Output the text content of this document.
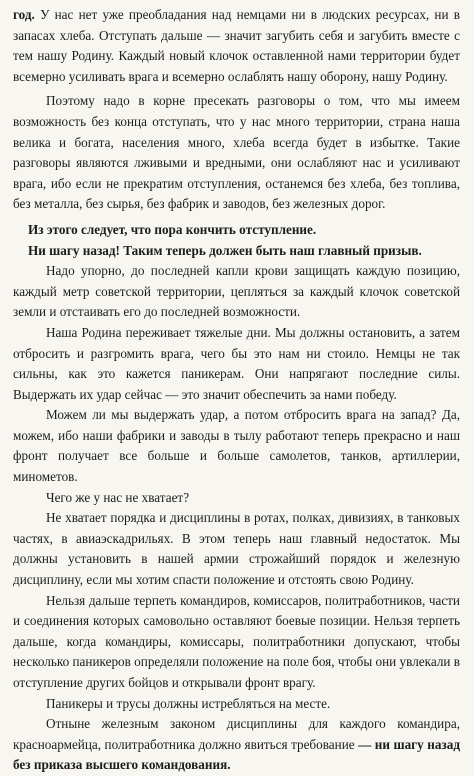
год. У нас нет уже преобладания над немцами ни в людских ресурсах, ни в запасах хлеба. Отступать дальше — значит загубить себя и загубить вместе с тем нашу Родину. Каждый новый клочок оставленной нами территории будет всемерно усиливать врага и всемерно ослаблять нашу оборону, нашу Родину.

Поэтому надо в корне пресекать разговоры о том, что мы имеем возможность без конца отступать, что у нас много территории, страна наша велика и богата, населения много, хлеба всегда будет в избытке. Такие разговоры являются лживыми и вредными, они ослабляют нас и усиливают врага, ибо если не прекратим отступления, останемся без хлеба, без топлива, без металла, без сырья, без фабрик и заводов, без железных дорог.

Из этого следует, что пора кончить отступление.

Ни шагу назад! Таким теперь должен быть наш главный призыв.

Надо упорно, до последней капли крови защищать каждую позицию, каждый метр советской территории, цепляться за каждый клочок советской земли и отстаивать его до последней возможности.

Наша Родина переживает тяжелые дни. Мы должны остановить, а затем отбросить и разгромить врага, чего бы это нам ни стоило. Немцы не так сильны, как это кажется паникерам. Они напрягают последние силы. Выдержать их удар сейчас — это значит обеспечить за нами победу.

Можем ли мы выдержать удар, а потом отбросить врага на запад? Да, можем, ибо наши фабрики и заводы в тылу работают теперь прекрасно и наш фронт получает все больше и больше самолетов, танков, артиллерии, минометов.

Чего же у нас не хватает?

Не хватает порядка и дисциплины в ротах, полках, дивизиях, в танковых частях, в авиаэскадрильях. В этом теперь наш главный недостаток. Мы должны установить в нашей армии строжайший порядок и железную дисциплину, если мы хотим спасти положение и отстоять свою Родину.

Нельзя дальше терпеть командиров, комиссаров, политработников, части и соединения которых самовольно оставляют боевые позиции. Нельзя терпеть дальше, когда командиры, комиссары, политработники допускают, чтобы несколько паникеров определяли положение на поле боя, чтобы они увлекали в отступление других бойцов и открывали фронт врагу.

Паникеры и трусы должны истребляться на месте.

Отныне железным законом дисциплины для каждого командира, красноармейца, политработника должно явиться требование — ни шагу назад без приказа высшего командования.
